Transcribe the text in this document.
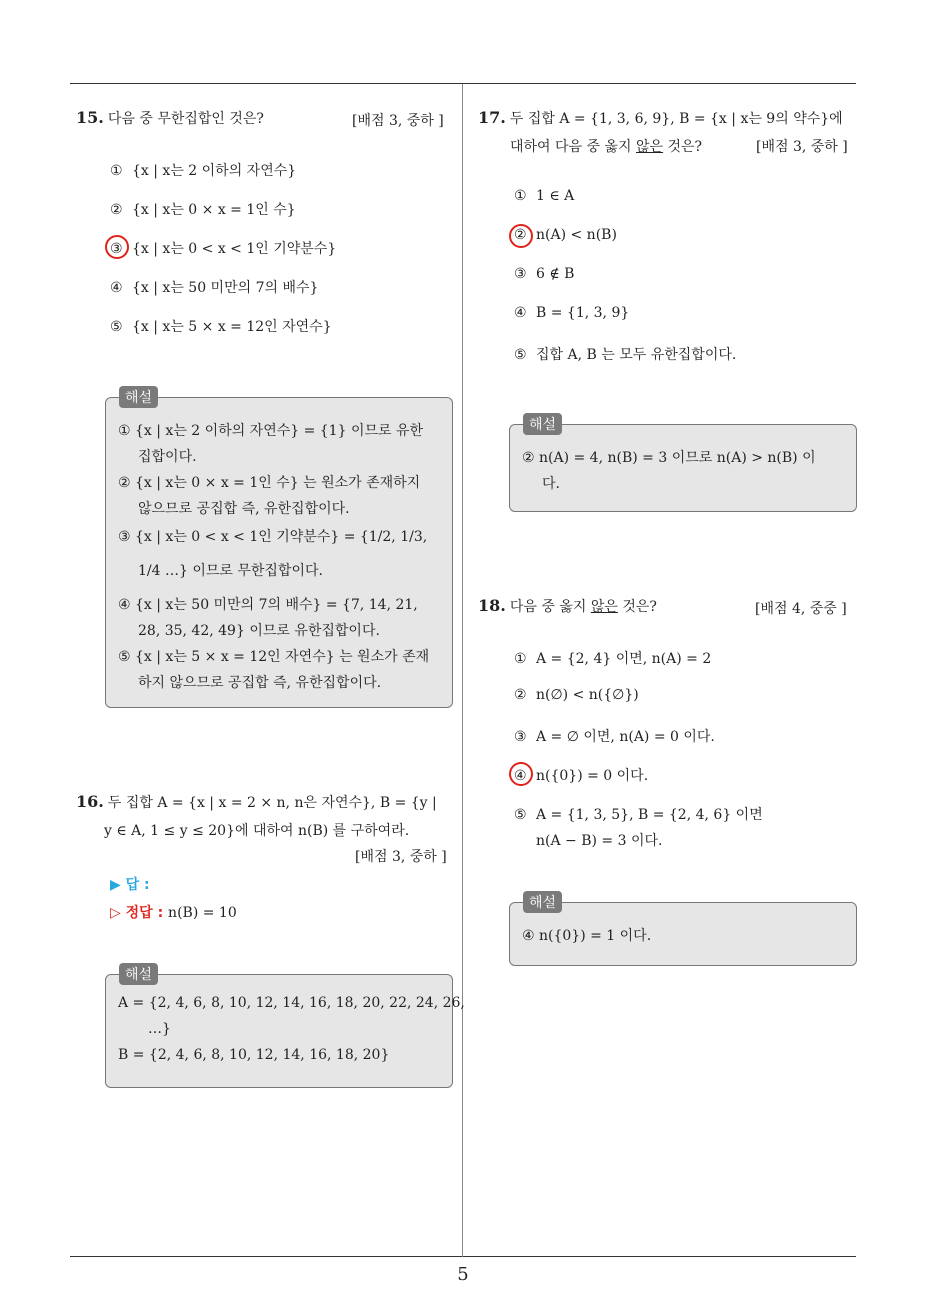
5
15. 다음 중 무한집합인 것은?	[배점 3, 중하 ]
① {x | x는 2 이하의 자연수}
② {x | x는 0 × x = 1인 수}
③ {x | x는 0 < x < 1인 기약분수}
④ {x | x는 50 미만의 7의 배수}
⑤ {x | x는 5 × x = 12인 자연수}
① {x | x는 2 이하의 자연수} = {1} 이므로 유한
집합이다.
② {x | x는 0 × x = 1인 수} 는 원소가 존재하지
않으므로 공집합 즉, 유한집합이다.
③ {x | x는 0 < x < 1인 기약분수} = {1/2, 1/3,
1/4 …} 이므로 무한집합이다.
④ {x | x는 50 미만의 7의 배수} = {7, 14, 21,
28, 35, 42, 49} 이므로 유한집합이다.
⑤ {x | x는 5 × x = 12인 자연수} 는 원소가 존재
하지 않으므로 공집합 즉, 유한집합이다.
해설
16. 두 집합 A = {x | x = 2 × n, n은 자연수}, B = {y |
y ∈ A, 1 ≤ y ≤ 20}에 대하여 n(B) 를 구하여라.
[배점 3, 중하 ]
▶ 답 :
▷ 정답 : n(B) = 10
A = {2, 4, 6, 8, 10, 12, 14, 16, 18, 20, 22, 24, 26,
…}
B = {2, 4, 6, 8, 10, 12, 14, 16, 18, 20}
해설
17. 두 집합 A = {1, 3, 6, 9}, B = {x | x는 9의 약수}에
대하여 다음 중 옳지 않은 것은?	[배점 3, 중하 ]
① 1 ∈ A
② n(A) < n(B)
③ 6 ∉ B
④ B = {1, 3, 9}
⑤ 집합 A, B 는 모두 유한집합이다.
② n(A) = 4, n(B) = 3 이므로 n(A) > n(B) 이
다.
해설
18. 다음 중 옳지 않은 것은?	[배점 4, 중중 ]
① A = {2, 4} 이면, n(A) = 2
② n(∅) < n({∅})
③ A = ∅ 이면, n(A) = 0 이다.
④ n({0}) = 0 이다.
⑤ A = {1, 3, 5}, B = {2, 4, 6} 이면
n(A − B) = 3 이다.
④ n({0}) = 1 이다.
해설
